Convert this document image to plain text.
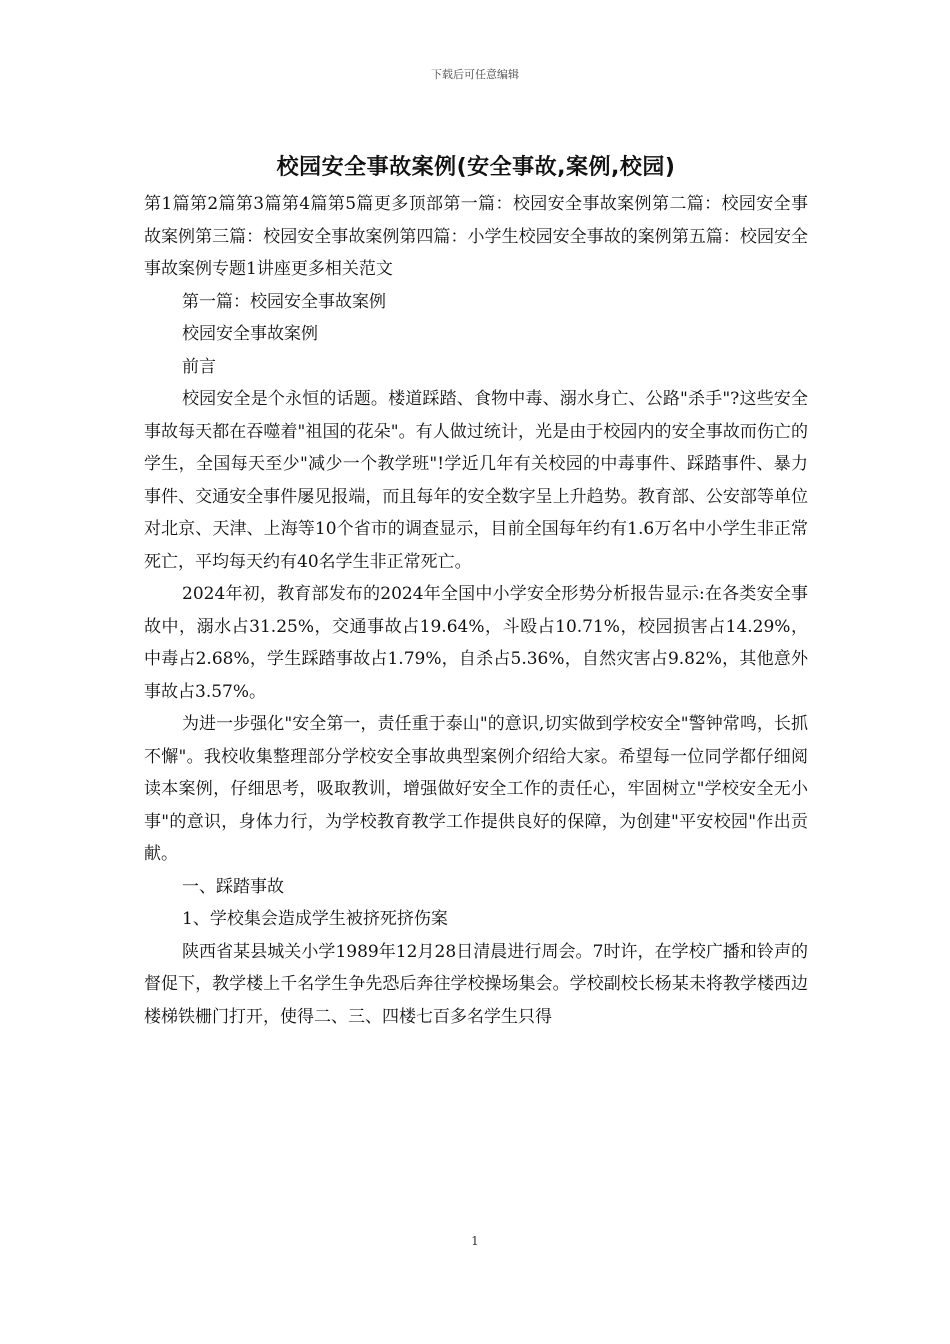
下载后可任意编辑
校园安全事故案例(安全事故,案例,校园)

第1篇第2篇第3篇第4篇第5篇更多顶部第一篇：校园安全事故案例第二篇：校园安全事故案例第三篇：校园安全事故案例第四篇：小学生校园安全事故的案例第五篇：校园安全事故案例专题1讲座更多相关范文

第一篇：校园安全事故案例

校园安全事故案例

前言

校园安全是个永恒的话题。楼道踩踏、食物中毒、溺水身亡、公路"杀手"?这些安全事故每天都在吞噬着"祖国的花朵"。有人做过统计，光是由于校园内的安全事故而伤亡的学生，全国每天至少"减少一个教学班"!学近几年有关校园的中毒事件、踩踏事件、暴力事件、交通安全事件屡见报端，而且每年的安全数字呈上升趋势。教育部、公安部等单位对北京、天津、上海等10个省市的调查显示，目前全国每年约有1.6万名中小学生非正常死亡，平均每天约有40名学生非正常死亡。

2024年初，教育部发布的2024年全国中小学安全形势分析报告显示:在各类安全事故中，溺水占31.25%，交通事故占19.64%，斗殴占10.71%，校园损害占14.29%，中毒占2.68%，学生踩踏事故占1.79%，自杀占5.36%，自然灾害占9.82%，其他意外事故占3.57%。

为进一步强化"安全第一，责任重于泰山"的意识,切实做到学校安全"警钟常鸣，长抓不懈"。我校收集整理部分学校安全事故典型案例介绍给大家。希望每一位同学都仔细阅读本案例，仔细思考，吸取教训，增强做好安全工作的责任心，牢固树立"学校安全无小事"的意识，身体力行，为学校教育教学工作提供良好的保障，为创建"平安校园"作出贡献。

一、踩踏事故

1、学校集会造成学生被挤死挤伤案

陕西省某县城关小学1989年12月28日清晨进行周会。7时许，在学校广播和铃声的督促下，教学楼上千名学生争先恐后奔往学校操场集会。学校副校长杨某未将教学楼西边楼梯铁栅门打开，使得二、三、四楼七百多名学生只得

1
